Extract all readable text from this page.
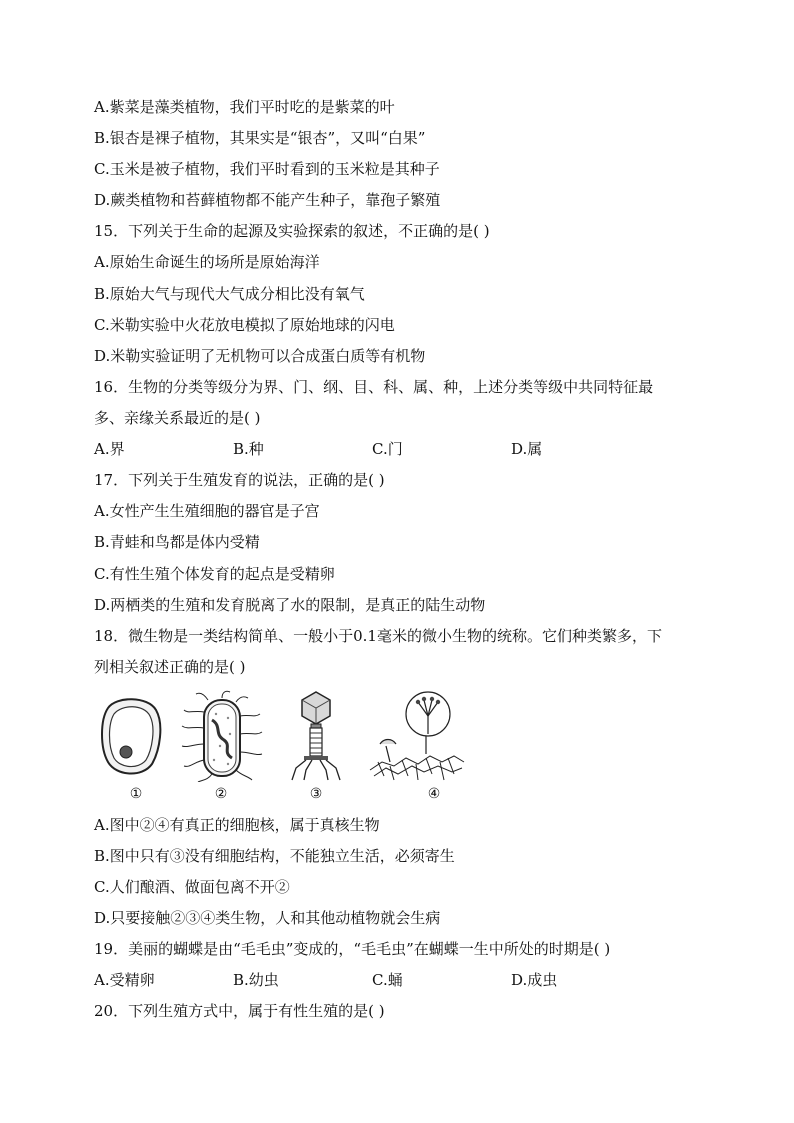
A.紫菜是藻类植物，我们平时吃的是紫菜的叶
B.银杏是裸子植物，其果实是“银杏”，又叫“白果”
C.玉米是被子植物，我们平时看到的玉米粒是其种子
D.蕨类植物和苔藓植物都不能产生种子，靠孢子繁殖
15．下列关于生命的起源及实验探索的叙述，不正确的是( )
A.原始生命诞生的场所是原始海洋
B.原始大气与现代大气成分相比没有氧气
C.米勒实验中火花放电模拟了原始地球的闪电
D.米勒实验证明了无机物可以合成蛋白质等有机物
16．生物的分类等级分为界、门、纲、目、科、属、种，上述分类等级中共同特征最
多、亲缘关系最近的是( )
A.界	B.种	C.门	D.属
17．下列关于生殖发育的说法，正确的是( )
A.女性产生生殖细胞的器官是子宫
B.青蛙和鸟都是体内受精
C.有性生殖个体发育的起点是受精卵
D.两栖类的生殖和发育脱离了水的限制，是真正的陆生动物
18．微生物是一类结构简单、一般小于0.1毫米的微小生物的统称。它们种类繁多，下
列相关叙述正确的是( )
①	②	③	④
A.图中②④有真正的细胞核，属于真核生物
B.图中只有③没有细胞结构，不能独立生活，必须寄生
C.人们酿酒、做面包离不开②
D.只要接触②③④类生物，人和其他动植物就会生病
19．美丽的蝴蝶是由“毛毛虫”变成的，“毛毛虫”在蝴蝶一生中所处的时期是( )
A.受精卵	B.幼虫	C.蛹	D.成虫
20．下列生殖方式中，属于有性生殖的是( )
